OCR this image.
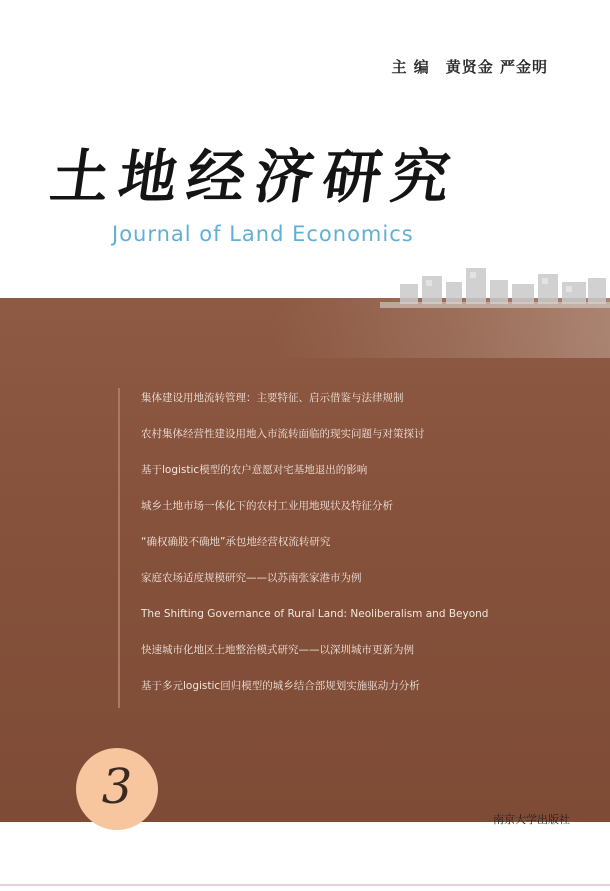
主 编　黄贤金 严金明
土地经济研究
Journal of Land Economics
集体建设用地流转管理：主要特征、启示借鉴与法律规制
农村集体经营性建设用地入市流转面临的现实问题与对策探讨
基于logistic模型的农户意愿对宅基地退出的影响
城乡土地市场一体化下的农村工业用地现状及特征分析
“确权确股不确地”承包地经营权流转研究
家庭农场适度规模研究——以苏南张家港市为例
The Shifting Governance of Rural Land: Neoliberalism and Beyond
快速城市化地区土地整治模式研究——以深圳城市更新为例
基于多元logistic回归模型的城乡结合部规划实施驱动力分析
3
南京大学出版社
